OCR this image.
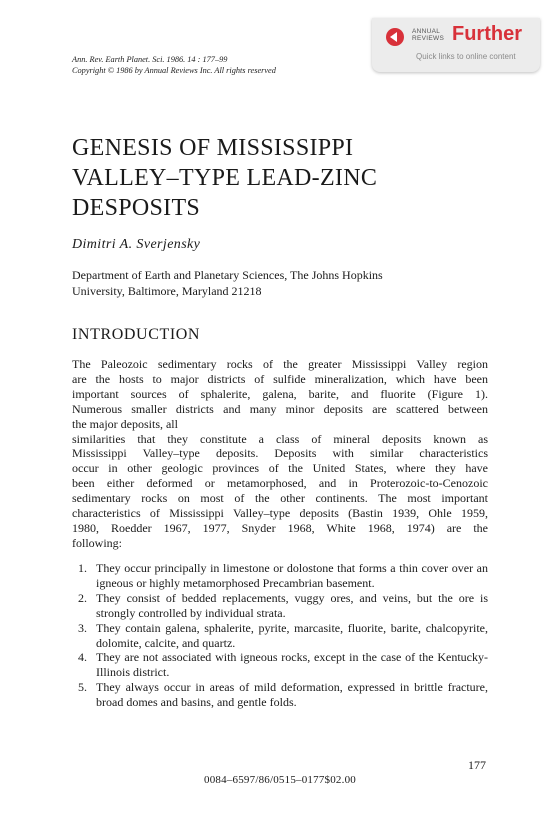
Ann. Rev. Earth Planet. Sci. 1986. 14 : 177–99
Copyright © 1986 by Annual Reviews Inc. All rights reserved
ANNUAL
REVIEWS Further
Quick links to online content
GENESIS OF MISSISSIPPI
VALLEY–TYPE LEAD-ZINC
DESPOSITS
Dimitri A. Sverjensky
Department of Earth and Planetary Sciences, The Johns Hopkins
University, Baltimore, Maryland 21218
INTRODUCTION

The Paleozoic sedimentary rocks of the greater Mississippi Valley region

are the hosts to major districts of sulfide mineralization, which have been

important sources of sphalerite, galena, barite, and fluorite (Figure 1).

Numerous smaller districts and many minor deposits are scattered between

the major deposits, all

similarities that they constitute a class of mineral deposits known as

Mississippi Valley–type deposits. Deposits with similar characteristics

occur in other geologic provinces of the United States, where they have

been either deformed or metamorphosed, and in Proterozoic-to-Cenozoic

sedimentary rocks on most of the other continents. The most important

characteristics of Mississippi Valley–type deposits (Bastin 1939, Ohle 1959,

1980, Roedder 1967, 1977, Snyder 1968, White 1968, 1974) are the

following:

1. They occur principally in limestone or dolostone that forms a thin cover over an igneous or highly metamorphosed Precambrian basement.
2. They consist of bedded replacements, vuggy ores, and veins, but the ore is strongly controlled by individual strata.
3. They contain galena, sphalerite, pyrite, marcasite, fluorite, barite, chalcopyrite, dolomite, calcite, and quartz.
4. They are not associated with igneous rocks, except in the case of the Kentucky-Illinois district.
5. They always occur in areas of mild deformation, expressed in brittle fracture, broad domes and basins, and gentle folds.
177
0084–6597/86/0515–0177$02.00
